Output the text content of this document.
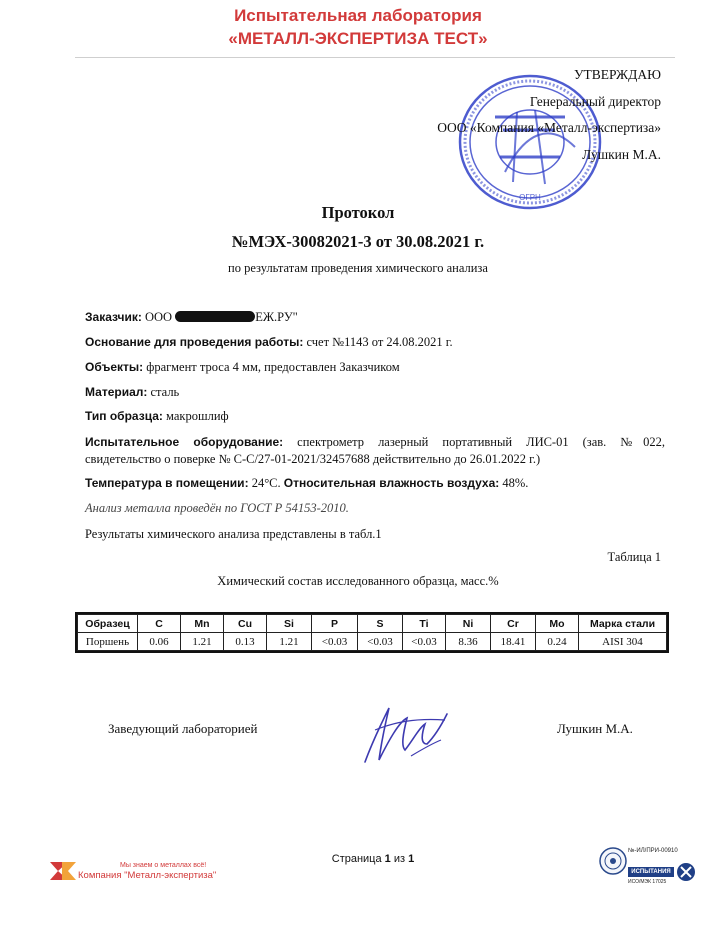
Испытательная лаборатория
«МЕТАЛЛ-ЭКСПЕРТИЗА ТЕСТ»
ОГРН
УТВЕРЖДАЮ
Генеральный директор
ООО «Компания «Металл-экспертиза»
Лушкин М.А.
Протокол
№МЭХ-30082021-3 от 30.08.2021 г.
по результатам проведения химического анализа
Заказчик: ООО	ЕЖ.РУ"
Основание для проведения работы: счет №1143 от 24.08.2021 г.
Объекты: фрагмент троса 4 мм, предоставлен Заказчиком
Материал: сталь
Тип образца: макрошлиф
Испытательное оборудование: спектрометр лазерный портативный ЛИС-01 (зав. №022,
свидетельство о поверке № С-С/27-01-2021/32457688 действительно до 26.01.2022 г.)
Температура в помещении: 24°С. Относительная влажность воздуха: 48%.
Анализ металла проведён по ГОСТ Р 54153-2010.
Результаты химического анализа представлены в табл.1
Таблица 1
Химический состав исследованного образца, масс.%
Образец	C	Mn	Cu	Si	P	S	Ti	Ni	Cr	Mo	Марка стали
Поршень	0.06	1.21	0.13	1.21	<0.03	<0.03	<0.03	8.36	18.41	0.24	AISI 304
Заведующий лабораторией	Лушкин М.А.
Мы знаем о металлах всё!
Компания "Металл-экспертиза"
Страница 1 из 1
№-ИЛ/ПРИ-00910
ИСПЫТАНИЯ
ИСО/МЭК 17025
